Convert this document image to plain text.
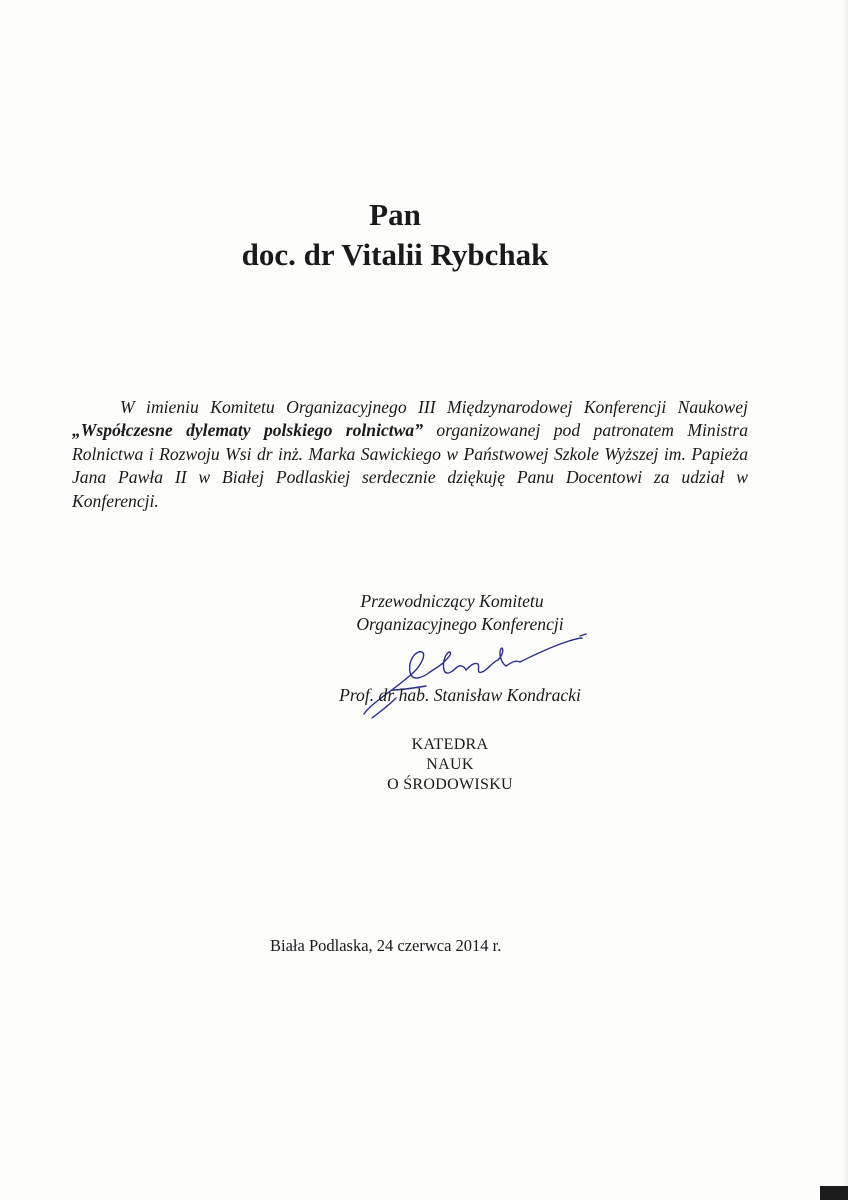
Pan
doc. dr Vitalii Rybchak

W imieniu Komitetu Organizacyjnego III Międzynarodowej Konferencji Naukowej „Współczesne dylematy polskiego rolnictwa” organizowanej pod patronatem Ministra Rolnictwa i Rozwoju Wsi dr inż. Marka Sawickiego w Państwowej Szkole Wyższej im. Papieża Jana Pawła II w Białej Podlaskiej serdecznie dziękuję Panu Docentowi za udział w Konferencji.

Przewodniczący Komitetu
Organizacyjnego Konferencji
Prof. dr hab. Stanisław Kondracki
KATEDRA
NAUK
O ŚRODOWISKU
Biała Podlaska, 24 czerwca 2014 r.
